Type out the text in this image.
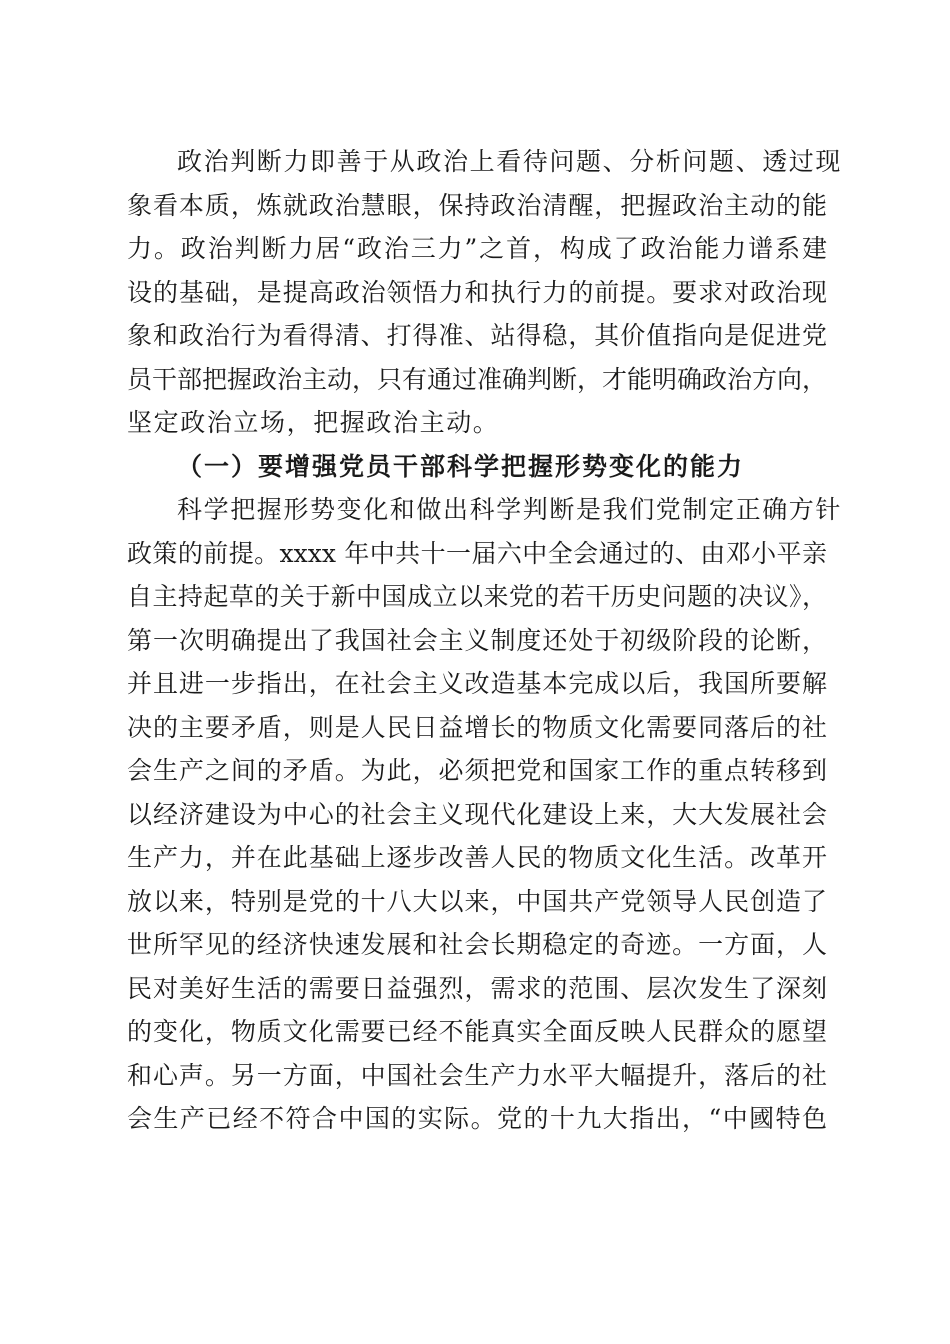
政治判断力即善于从政治上看待问题、分析问题、透过现
象看本质，炼就政治慧眼，保持政治清醒，把握政治主动的能
力。政治判断力居“政治三力”之首，构成了政治能力谱系建
设的基础，是提高政治领悟力和执行力的前提。要求对政治现
象和政治行为看得清、打得准、站得稳，其价值指向是促进党
员干部把握政治主动，只有通过准确判断，才能明确政治方向，
坚定政治立场，把握政治主动。
（一）要增强党员干部科学把握形势变化的能力
科学把握形势变化和做出科学判断是我们党制定正确方针
政策的前提。xxxx 年中共十一届六中全会通过的、由邓小平亲
自主持起草的关于新中国成立以来党的若干历史问题的决议》，
第一次明确提出了我国社会主义制度还处于初级阶段的论断，
并且进一步指出，在社会主义改造基本完成以后，我国所要解
决的主要矛盾，则是人民日益增长的物质文化需要同落后的社
会生产之间的矛盾。为此，必须把党和国家工作的重点转移到
以经济建设为中心的社会主义现代化建设上来，大大发展社会
生产力，并在此基础上逐步改善人民的物质文化生活。改革开
放以来，特别是党的十八大以来，中国共产党领导人民创造了
世所罕见的经济快速发展和社会长期稳定的奇迹。一方面，人
民对美好生活的需要日益强烈，需求的范围、层次发生了深刻
的变化，物质文化需要已经不能真实全面反映人民群众的愿望
和心声。另一方面，中国社会生产力水平大幅提升，落后的社
会生产已经不符合中国的实际。党的十九大指出，“中國特色
